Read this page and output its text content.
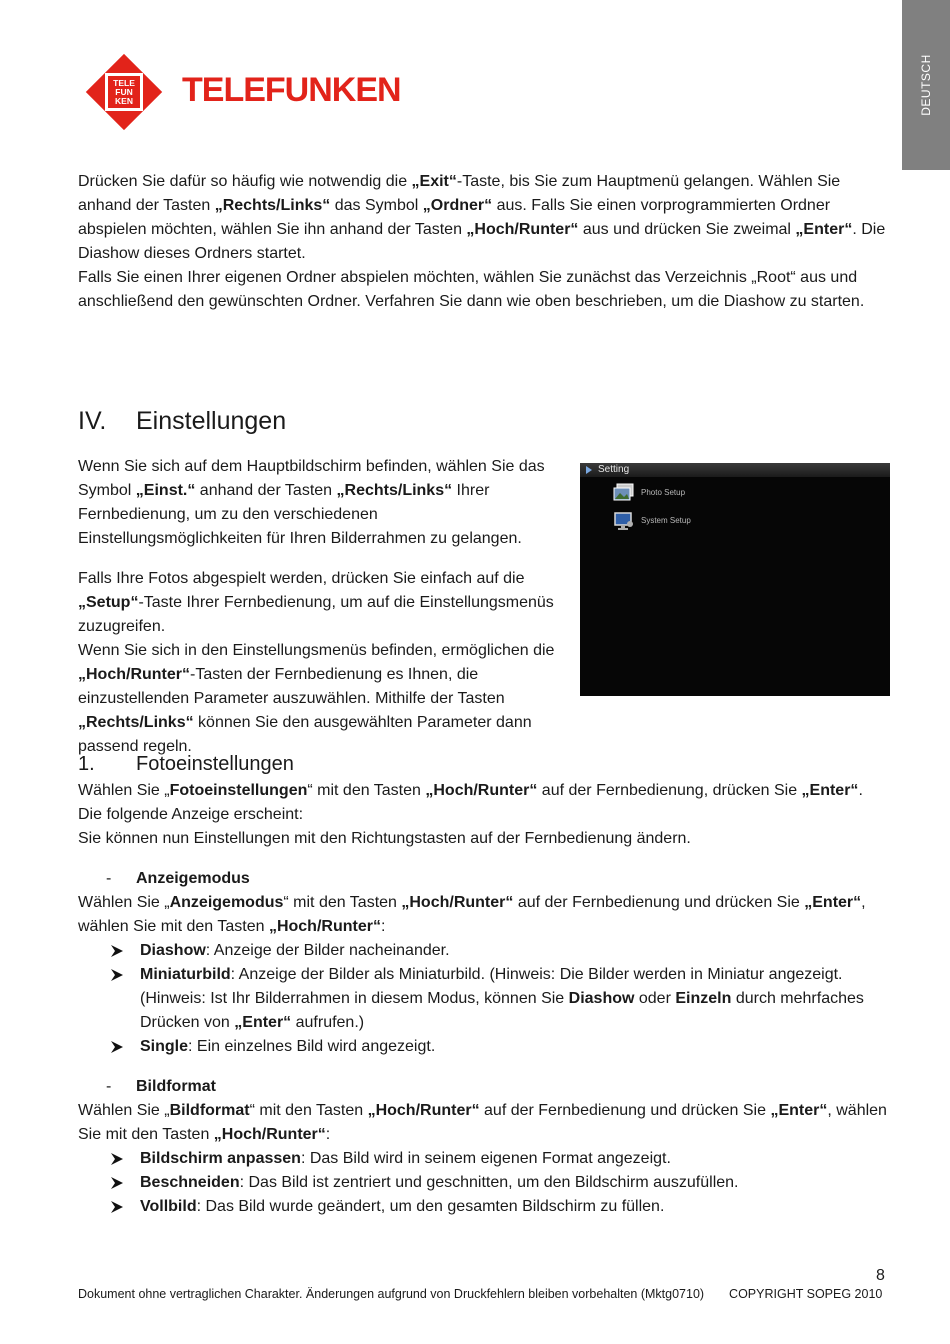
DEUTSCH
TELE
FUN
KEN TELEFUNKEN

Drücken Sie dafür so häufig wie notwendig die „Exit“-Taste, bis Sie zum Hauptmenü gelangen. Wählen Sie anhand der Tasten „Rechts/Links“ das Symbol „Ordner“ aus. Falls Sie einen vorprogrammierten Ordner abspielen möchten, wählen Sie ihn anhand der Tasten „Hoch/Runter“ aus und drücken Sie zweimal „Enter“. Die Diashow dieses Ordners startet.

Falls Sie einen Ihrer eigenen Ordner abspielen möchten, wählen Sie zunächst das Verzeichnis „Root“ aus und anschließend den gewünschten Ordner. Verfahren Sie dann wie oben beschrieben, um die Diashow zu starten.

IV. Einstellungen

Wenn Sie sich auf dem Hauptbildschirm befinden, wählen Sie das Symbol „Einst.“ anhand der Tasten „Rechts/Links“ Ihrer Fernbedienung, um zu den verschiedenen Einstellungsmöglichkeiten für Ihren Bilderrahmen zu gelangen.

Falls Ihre Fotos abgespielt werden, drücken Sie einfach auf die „Setup“-Taste Ihrer Fernbedienung, um auf die Einstellungsmenüs zuzugreifen.

Wenn Sie sich in den Einstellungsmenüs befinden, ermöglichen die „Hoch/Runter“-Tasten der Fernbedienung es Ihnen, die einzustellenden Parameter auszuwählen. Mithilfe der Tasten „Rechts/Links“ können Sie den ausgewählten Parameter dann passend regeln.

Setting
Photo Setup
System Setup
1. Fotoeinstellungen

Wählen Sie „Fotoeinstellungen“ mit den Tasten „Hoch/Runter“ auf der Fernbedienung, drücken Sie „Enter“. Die folgende Anzeige erscheint:

Sie können nun Einstellungen mit den Richtungstasten auf der Fernbedienung ändern.

- Anzeigemodus

Wählen Sie „Anzeigemodus“ mit den Tasten „Hoch/Runter“ auf der Fernbedienung und drücken Sie „Enter“, wählen Sie mit den Tasten „Hoch/Runter“:

Diashow: Anzeige der Bilder nacheinander.
Miniaturbild: Anzeige der Bilder als Miniaturbild. (Hinweis: Die Bilder werden in Miniatur angezeigt. (Hinweis: Ist Ihr Bilderrahmen in diesem Modus, können Sie Diashow oder Einzeln durch mehrfaches Drücken von „Enter“ aufrufen.)
Single: Ein einzelnes Bild wird angezeigt.

- Bildformat

Wählen Sie „Bildformat“ mit den Tasten „Hoch/Runter“ auf der Fernbedienung und drücken Sie „Enter“, wählen Sie mit den Tasten „Hoch/Runter“:

Bildschirm anpassen: Das Bild wird in seinem eigenen Format angezeigt.
Beschneiden: Das Bild ist zentriert und geschnitten, um den Bildschirm auszufüllen.
Vollbild: Das Bild wurde geändert, um den gesamten Bildschirm zu füllen.
8
Dokument ohne vertraglichen Charakter. Änderungen aufgrund von Druckfehlern bleiben vorbehalten (Mktg0710) COPYRIGHT SOPEG 2010
